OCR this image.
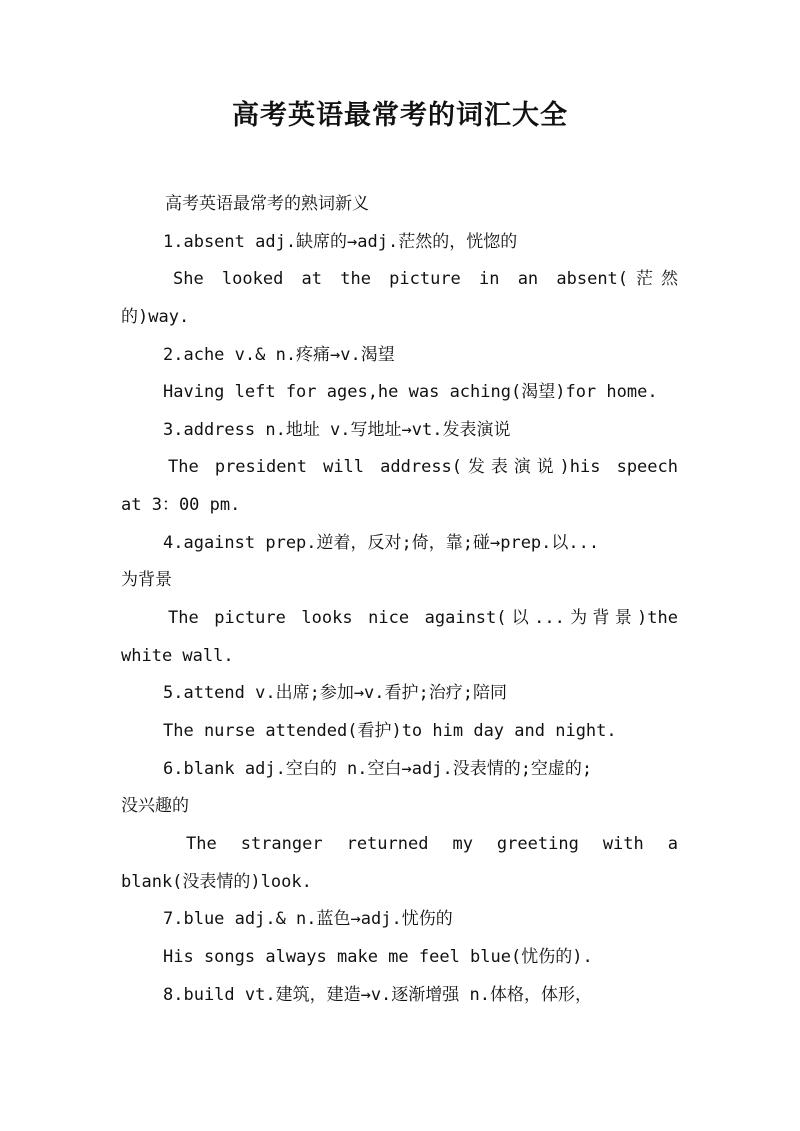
高考英语最常考的词汇大全
高考英语最常考的熟词新义
1.absent adj.缺席的→adj.茫然的，恍惚的
She looked at the picture in an absent(茫然
的)way.
2.ache v.& n.疼痛→v.渴望
Having left for ages,he was aching(渴望)for home.
3.address n.地址 v.写地址→vt.发表演说
The president will address(发表演说)his speech
at 3：00 pm.
4.against prep.逆着，反对;倚，靠;碰→prep.以...
为背景
The picture looks nice against(以...为背景)the
white wall.
5.attend v.出席;参加→v.看护;治疗;陪同
The nurse attended(看护)to him day and night.
6.blank adj.空白的 n.空白→adj.没表情的;空虚的;
没兴趣的
The stranger returned my greeting with a
blank(没表情的)look.
7.blue adj.& n.蓝色→adj.忧伤的
His songs always make me feel blue(忧伤的).
8.build vt.建筑，建造→v.逐渐增强 n.体格，体形，
